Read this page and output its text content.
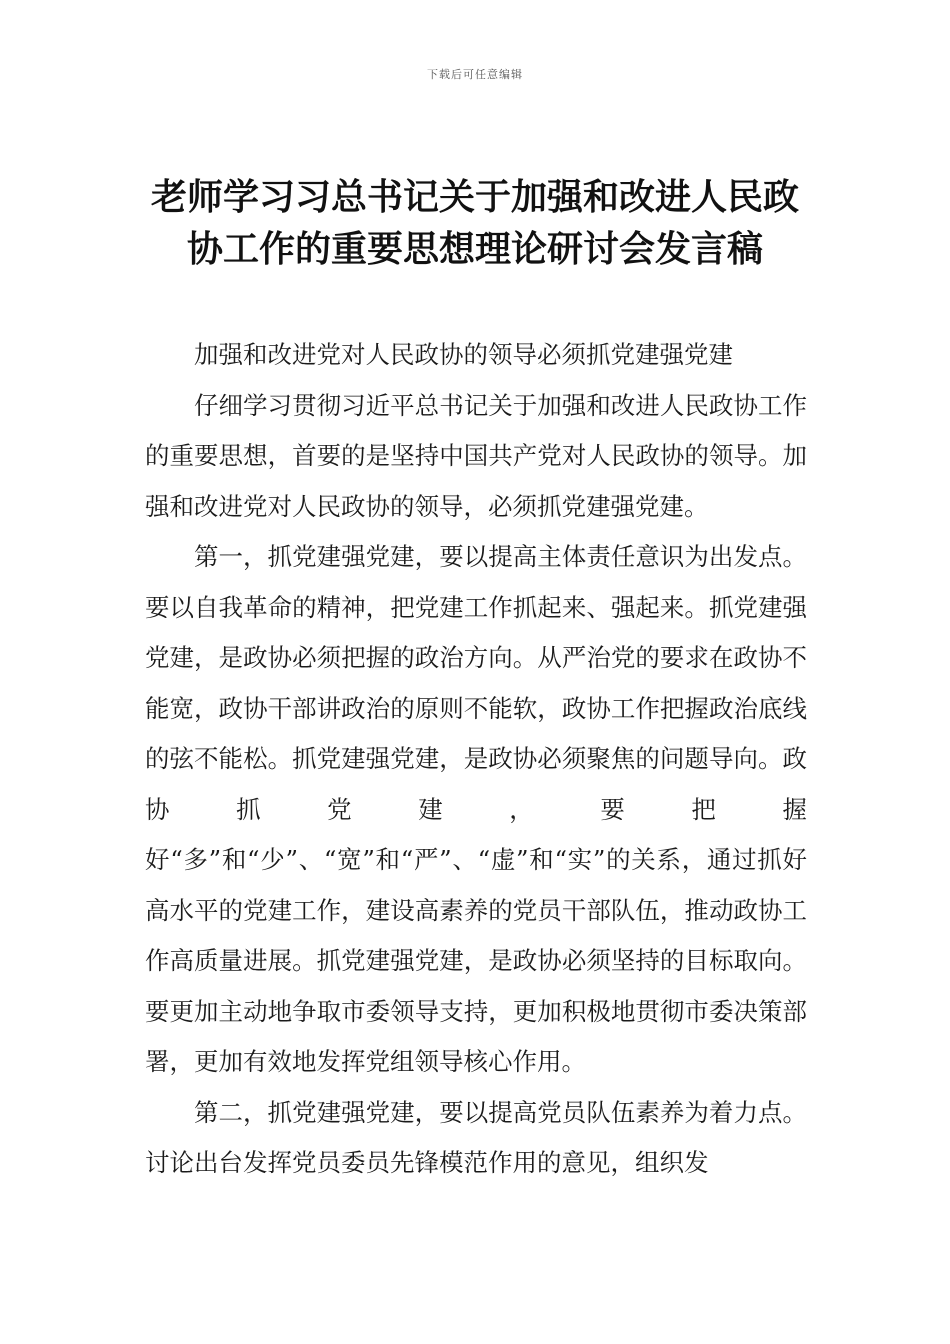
下载后可任意编辑
老师学习习总书记关于加强和改进人民政
协工作的重要思想理论研讨会发言稿

加强和改进党对人民政协的领导必须抓党建强党建

仔细学习贯彻习近平总书记关于加强和改进人民政协工作的重要思想，首要的是坚持中国共产党对人民政协的领导。加强和改进党对人民政协的领导，必须抓党建强党建。

第一，抓党建强党建，要以提高主体责任意识为出发点。要以自我革命的精神，把党建工作抓起来、强起来。抓党建强党建，是政协必须把握的政治方向。从严治党的要求在政协不能宽，政协干部讲政治的原则不能软，政协工作把握政治底线的弦不能松。抓党建强党建，是政协必须聚焦的问题导向。政协抓党建，要把握好“多”和“少”、“宽”和“严”、“虚”和“实”的关系，通过抓好高水平的党建工作，建设高素养的党员干部队伍，推动政协工作高质量进展。抓党建强党建，是政协必须坚持的目标取向。要更加主动地争取市委领导支持，更加积极地贯彻市委决策部署，更加有效地发挥党组领导核心作用。

第二，抓党建强党建，要以提高党员队伍素养为着力点。讨论出台发挥党员委员先锋模范作用的意见，组织发
